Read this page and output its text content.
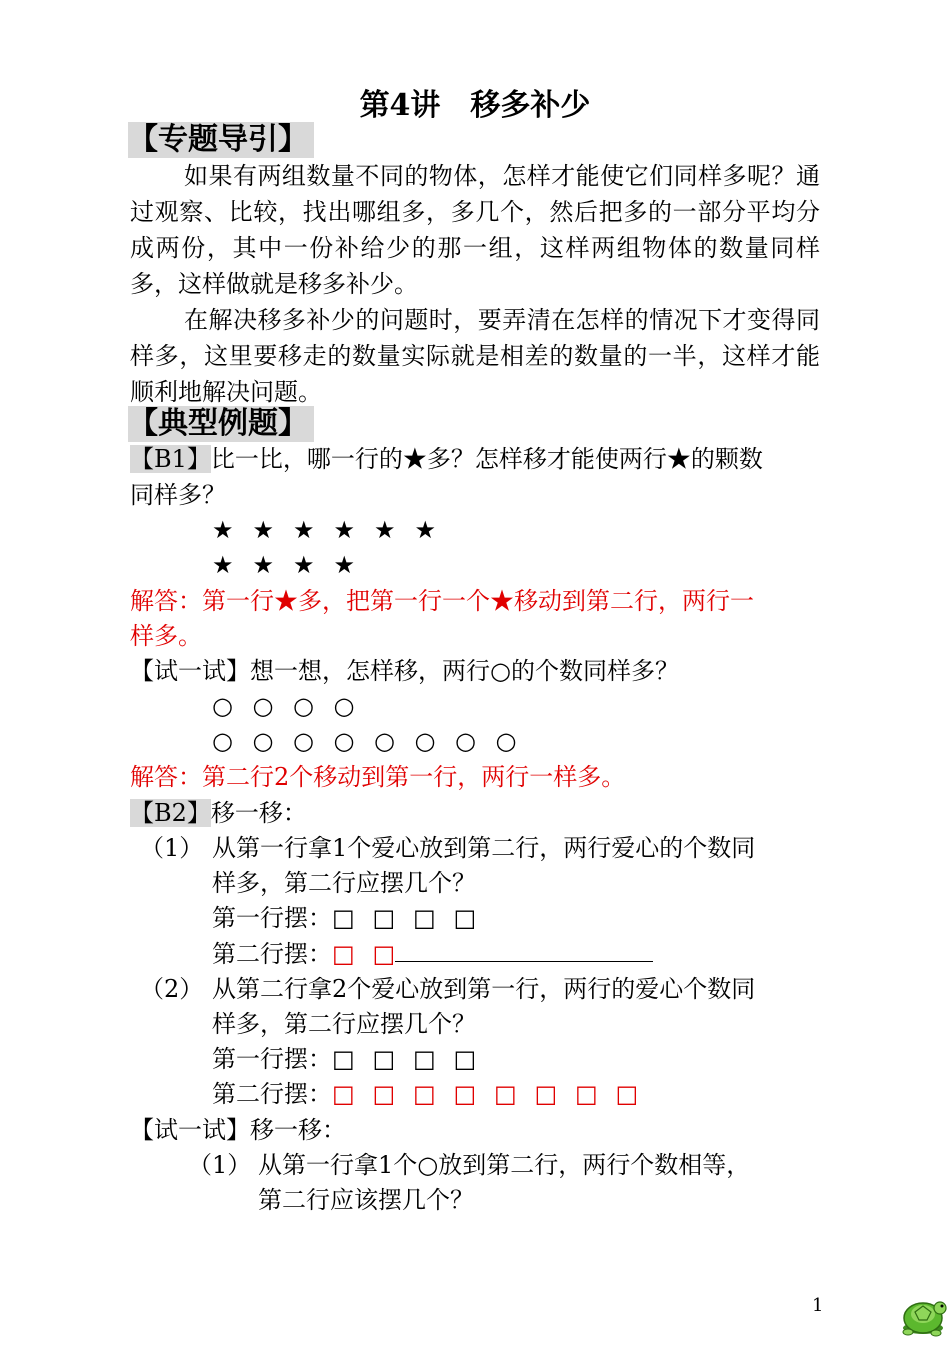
第4讲　移多补少
【专题导引】
如果有两组数量不同的物体，怎样才能使它们同样多呢？通过观察、比较，找出哪组多，多几个，然后把多的一部分平均分成两份，其中一份补给少的那一组，这样两组物体的数量同样多，这样做就是移多补少。
在解决移多补少的问题时，要弄清在怎样的情况下才变得同样多，这里要移走的数量实际就是相差的数量的一半，这样才能顺利地解决问题。
【典型例题】
【B1】比一比，哪一行的★多？怎样移才能使两行★的颗数
同样多？
★ ★ ★ ★ ★ ★
★ ★ ★ ★
解答：第一行★多，把第一行一个★移动到第二行，两行一
样多。
【试一试】想一想，怎样移，两行○的个数同样多？
○ ○ ○ ○
○ ○ ○ ○ ○ ○ ○ ○
解答：第二行2个移动到第一行，两行一样多。
【B2】移一移：
（1） 从第一行拿1个爱心放到第二行，两行爱心的个数同
样多，第二行应摆几个？
第一行摆：□ □ □ □
第二行摆：□ □
（2） 从第二行拿2个爱心放到第一行，两行的爱心个数同
样多，第二行应摆几个？
第一行摆：□ □ □ □
第二行摆：□ □ □ □ □ □ □ □
【试一试】移一移：
（1） 从第一行拿1个○放到第二行，两行个数相等，
第二行应该摆几个？
1
